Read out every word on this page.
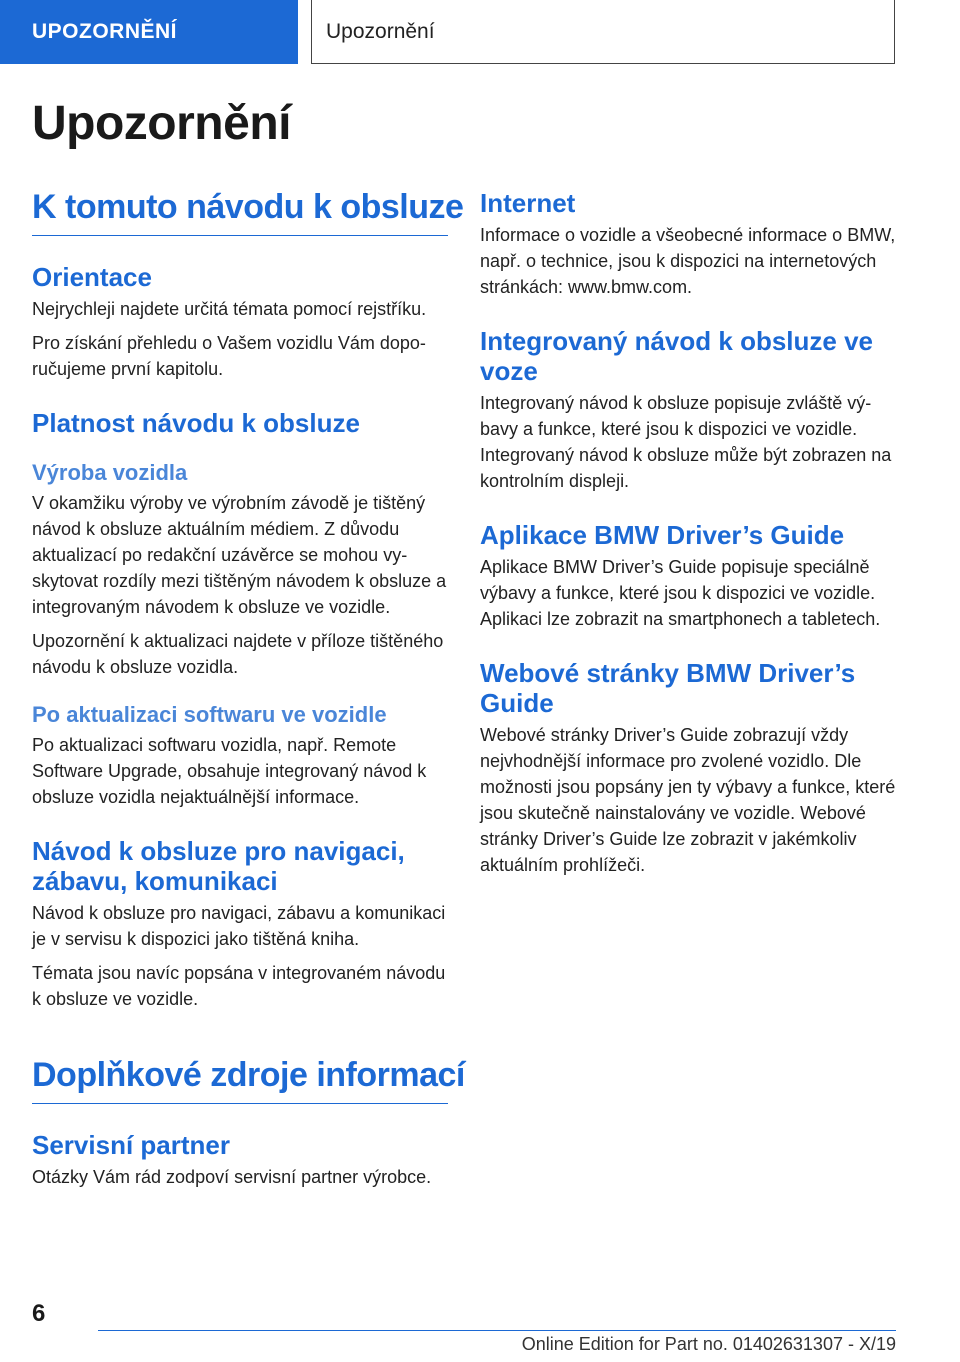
UPOZORNĚNÍ	Upozornění
Upozornění
K tomuto návodu k obsluze
Orientace

Nejrychleji najdete určitá témata pomocí rejstříku.

Pro získání přehledu o Vašem vozidlu Vám doporučujeme první kapitolu.

Platnost návodu k obsluze
Výroba vozidla

V okamžiku výroby ve výrobním závodě je tištěný návod k obsluze aktuálním médiem. Z důvodu aktualizací po redakční uzávěrce se mohou vyskytovat rozdíly mezi tištěným návodem k obsluze a integrovaným návodem k obsluze ve vozidle.

Upozornění k aktualizaci najdete v příloze tištěného návodu k obsluze vozidla.

Po aktualizaci softwaru ve vozidle

Po aktualizaci softwaru vozidla, např. Remote Software Upgrade, obsahuje integrovaný návod k obsluze vozidla nejaktuálnější informace.

Návod k obsluze pro navigaci, zábavu, komunikaci

Návod k obsluze pro navigaci, zábavu a komunikaci je v servisu k dispozici jako tištěná kniha.

Témata jsou navíc popsána v integrovaném návodu k obsluze ve vozidle.

Doplňkové zdroje informací
Servisní partner

Otázky Vám rád zodpoví servisní partner výrobce.

Internet

Informace o vozidle a všeobecné informace o BMW, např. o technice, jsou k dispozici na internetových stránkách: www.bmw.com.

Integrovaný návod k obsluze ve voze

Integrovaný návod k obsluze popisuje zvláště výbavy a funkce, které jsou k dispozici ve vozidle. Integrovaný návod k obsluze může být zobrazen na kontrolním displeji.

Aplikace BMW Driver’s Guide

Aplikace BMW Driver’s Guide popisuje speciálně výbavy a funkce, které jsou k dispozici ve vozidle. Aplikaci lze zobrazit na smartphonech a tabletech.

Webové stránky BMW Driver’s Guide

Webové stránky Driver’s Guide zobrazují vždy nejvhodnější informace pro zvolené vozidlo. Dle možnosti jsou popsány jen ty výbavy a funkce, které jsou skutečně nainstalovány ve vozidle. Webové stránky Driver’s Guide lze zobrazit v jakémkoliv aktuálním prohlížeči.

6
Online Edition for Part no. 01402631307 - X/19
